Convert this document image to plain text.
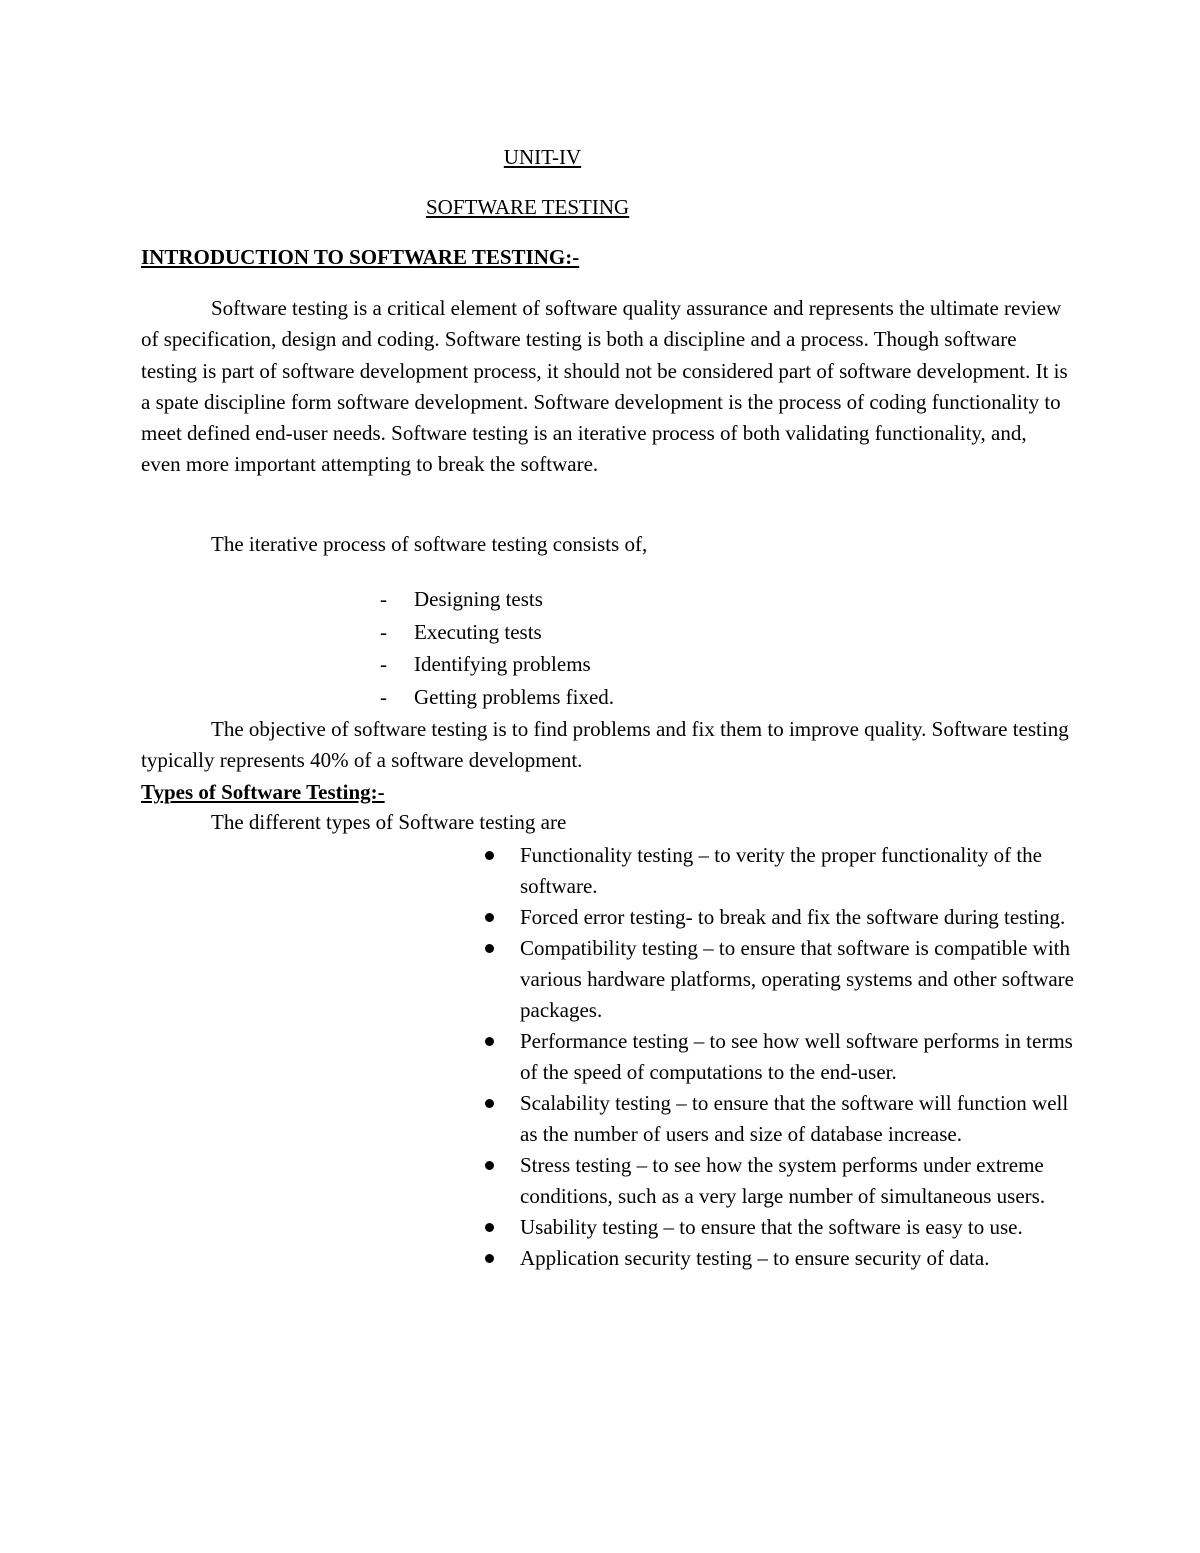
UNIT-IV
SOFTWARE TESTING
INTRODUCTION TO SOFTWARE TESTING:-

Software testing is a critical element of software quality assurance and represents the ultimate review of specification, design and coding. Software testing is both a discipline and a process. Though software testing is part of software development process, it should not be considered part of software development. It is a spate discipline form software development. Software development is the process of coding functionality to meet defined end-user needs. Software testing is an iterative process of both validating functionality, and, even more important attempting to break the software.

The iterative process of software testing consists of,
- Designing tests
- Executing tests
- Identifying problems
- Getting problems fixed.

The objective of software testing is to find problems and fix them to improve quality. Software testing typically represents 40% of a software development.

Types of Software Testing:-
The different types of Software testing are
Functionality testing – to verity the proper functionality of the software.
Forced error testing- to break and fix the software during testing.
Compatibility testing – to ensure that software is compatible with various hardware platforms, operating systems and other software packages.
Performance testing – to see how well software performs in terms of the speed of computations to the end-user.
Scalability testing – to ensure that the software will function well as the number of users and size of database increase.
Stress testing – to see how the system performs under extreme conditions, such as a very large number of simultaneous users.
Usability testing – to ensure that the software is easy to use.
Application security testing – to ensure security of data.
